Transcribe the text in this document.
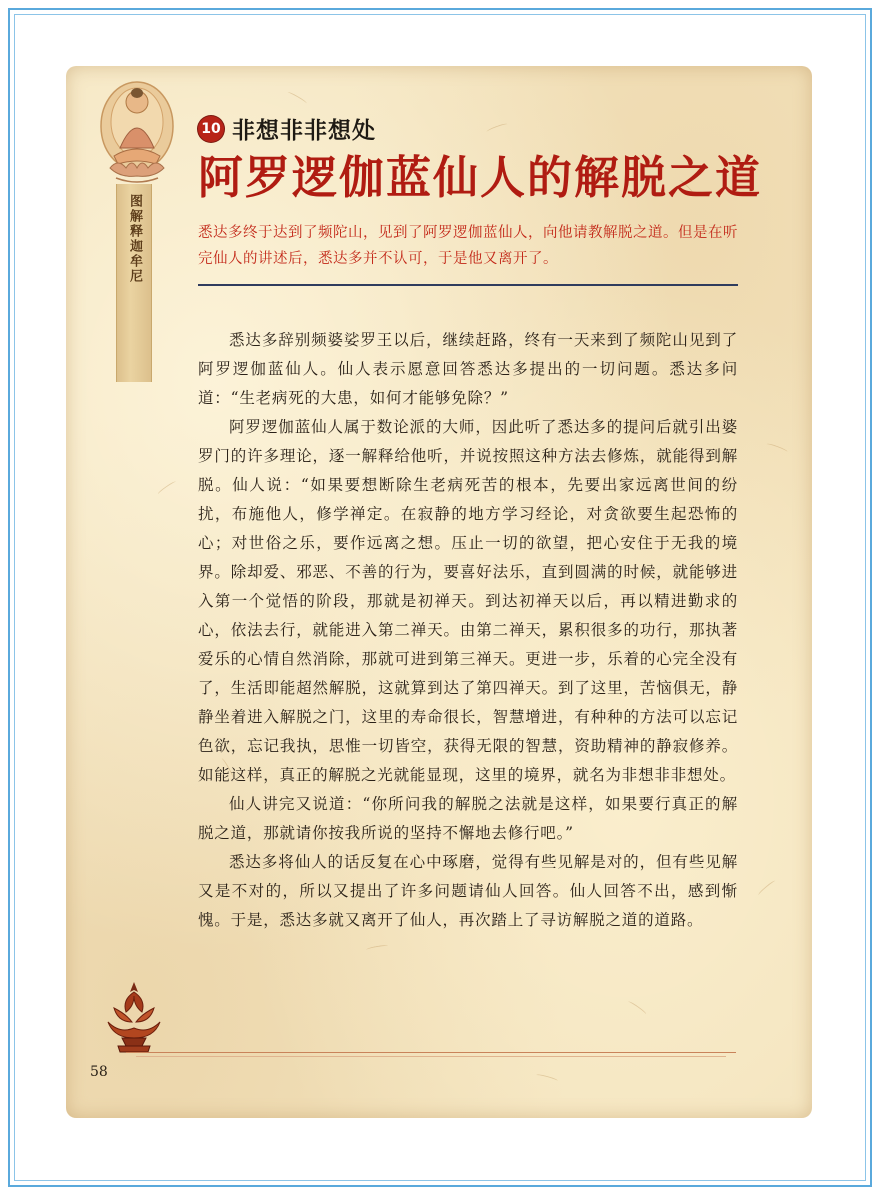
图解释迦牟尼
10 非想非非想处
阿罗逻伽蓝仙人的解脱之道
悉达多终于达到了频陀山，见到了阿罗逻伽蓝仙人，向他请教解脱之道。但是在听完仙人的讲述后，悉达多并不认可，于是他又离开了。

悉达多辞别频婆娑罗王以后，继续赶路，终有一天来到了频陀山见到了阿罗逻伽蓝仙人。仙人表示愿意回答悉达多提出的一切问题。悉达多问道：“生老病死的大患，如何才能够免除？”

阿罗逻伽蓝仙人属于数论派的大师，因此听了悉达多的提问后就引出婆罗门的许多理论，逐一解释给他听，并说按照这种方法去修炼，就能得到解脱。仙人说：“如果要想断除生老病死苦的根本，先要出家远离世间的纷扰，布施他人，修学禅定。在寂静的地方学习经论，对贪欲要生起恐怖的心；对世俗之乐，要作远离之想。压止一切的欲望，把心安住于无我的境界。除却爱、邪恶、不善的行为，要喜好法乐，直到圆满的时候，就能够进入第一个觉悟的阶段，那就是初禅天。到达初禅天以后，再以精进勤求的心，依法去行，就能进入第二禅天。由第二禅天，累积很多的功行，那执著爱乐的心情自然消除，那就可进到第三禅天。更进一步，乐着的心完全没有了，生活即能超然解脱，这就算到达了第四禅天。到了这里，苦恼俱无，静静坐着进入解脱之门，这里的寿命很长，智慧增进，有种种的方法可以忘记色欲，忘记我执，思惟一切皆空，获得无限的智慧，资助精神的静寂修养。如能这样，真正的解脱之光就能显现，这里的境界，就名为非想非非想处。

仙人讲完又说道：“你所问我的解脱之法就是这样，如果要行真正的解脱之道，那就请你按我所说的坚持不懈地去修行吧。”

悉达多将仙人的话反复在心中琢磨，觉得有些见解是对的，但有些见解又是不对的，所以又提出了许多问题请仙人回答。仙人回答不出，感到惭愧。于是，悉达多就又离开了仙人，再次踏上了寻访解脱之道的道路。

58
